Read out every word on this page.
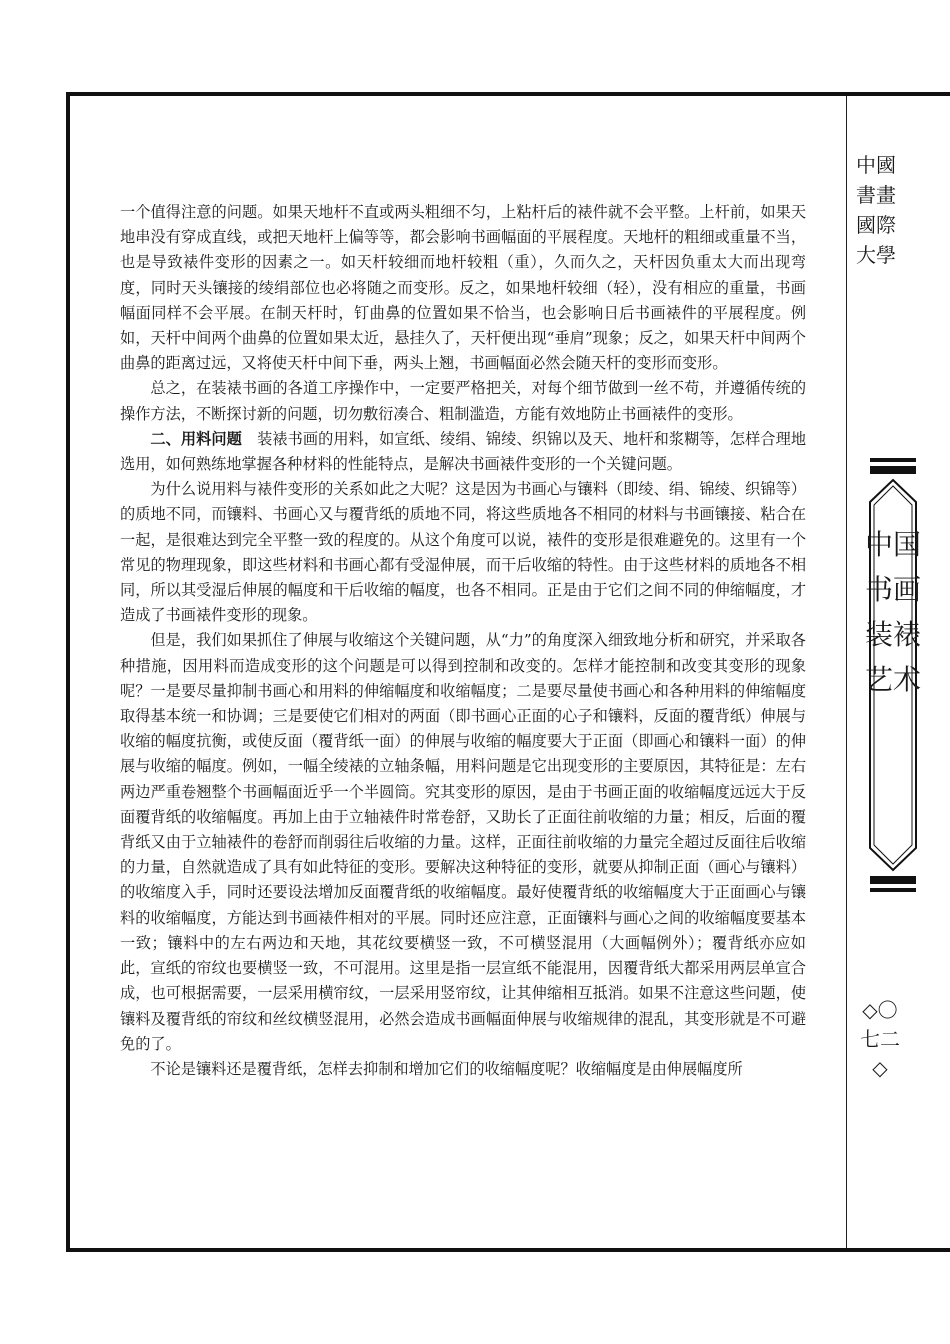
中國書畫國際大學
中国书画装裱艺术
◇〇七二◇

一个值得注意的问题。如果天地杆不直或两头粗细不匀，上粘杆后的裱件就不会平整。上杆前，如果天地串没有穿成直线，或把天地杆上偏等等，都会影响书画幅面的平展程度。天地杆的粗细或重量不当，也是导致裱件变形的因素之一。如天杆较细而地杆较粗（重），久而久之，天杆因负重太大而出现弯度，同时天头镶接的绫绢部位也必将随之而变形。反之，如果地杆较细（轻），没有相应的重量，书画幅面同样不会平展。在制天杆时，钉曲鼻的位置如果不恰当，也会影响日后书画裱件的平展程度。例如，天杆中间两个曲鼻的位置如果太近，悬挂久了，天杆便出现“垂肩”现象；反之，如果天杆中间两个曲鼻的距离过远，又将使天杆中间下垂，两头上翘，书画幅面必然会随天杆的变形而变形。

总之，在装裱书画的各道工序操作中，一定要严格把关，对每个细节做到一丝不苟，并遵循传统的操作方法，不断探讨新的问题，切勿敷衍凑合、粗制滥造，方能有效地防止书画裱件的变形。

二、用料问题　 装裱书画的用料，如宣纸、绫绢、锦绫、织锦以及天、地杆和浆糊等，怎样合理地选用，如何熟练地掌握各种材料的性能特点，是解决书画裱件变形的一个关键问题。

为什么说用料与裱件变形的关系如此之大呢？这是因为书画心与镶料（即绫、绢、锦绫、织锦等）的质地不同，而镶料、书画心又与覆背纸的质地不同，将这些质地各不相同的材料与书画镶接、粘合在一起，是很难达到完全平整一致的程度的。从这个角度可以说，裱件的变形是很难避免的。这里有一个常见的物理现象，即这些材料和书画心都有受湿伸展，而干后收缩的特性。由于这些材料的质地各不相同，所以其受湿后伸展的幅度和干后收缩的幅度，也各不相同。正是由于它们之间不同的伸缩幅度，才造成了书画裱件变形的现象。

但是，我们如果抓住了伸展与收缩这个关键问题，从“力”的角度深入细致地分析和研究，并采取各种措施，因用料而造成变形的这个问题是可以得到控制和改变的。怎样才能控制和改变其变形的现象呢？一是要尽量抑制书画心和用料的伸缩幅度和收缩幅度；二是要尽量使书画心和各种用料的伸缩幅度取得基本统一和协调；三是要使它们相对的两面（即书画心正面的心子和镶料，反面的覆背纸）伸展与收缩的幅度抗衡，或使反面（覆背纸一面）的伸展与收缩的幅度要大于正面（即画心和镶料一面）的伸展与收缩的幅度。例如，一幅全绫裱的立轴条幅，用料问题是它出现变形的主要原因，其特征是：左右两边严重卷翘整个书画幅面近乎一个半圆筒。究其变形的原因，是由于书画正面的收缩幅度远远大于反面覆背纸的收缩幅度。再加上由于立轴裱件时常卷舒，又助长了正面往前收缩的力量；相反，后面的覆背纸又由于立轴裱件的卷舒而削弱往后收缩的力量。这样，正面往前收缩的力量完全超过反面往后收缩的力量，自然就造成了具有如此特征的变形。要解决这种特征的变形，就要从抑制正面（画心与镶料）的收缩度入手，同时还要设法增加反面覆背纸的收缩幅度。最好使覆背纸的收缩幅度大于正面画心与镶料的收缩幅度，方能达到书画裱件相对的平展。同时还应注意，正面镶料与画心之间的收缩幅度要基本一致；镶料中的左右两边和天地，其花纹要横竖一致，不可横竖混用（大画幅例外）；覆背纸亦应如此，宣纸的帘纹也要横竖一致，不可混用。这里是指一层宣纸不能混用，因覆背纸大都采用两层单宣合成，也可根据需要，一层采用横帘纹，一层采用竖帘纹，让其伸缩相互抵消。如果不注意这些问题，使镶料及覆背纸的帘纹和丝纹横竖混用，必然会造成书画幅面伸展与收缩规律的混乱，其变形就是不可避免的了。

不论是镶料还是覆背纸，怎样去抑制和增加它们的收缩幅度呢？收缩幅度是由伸展幅度所
